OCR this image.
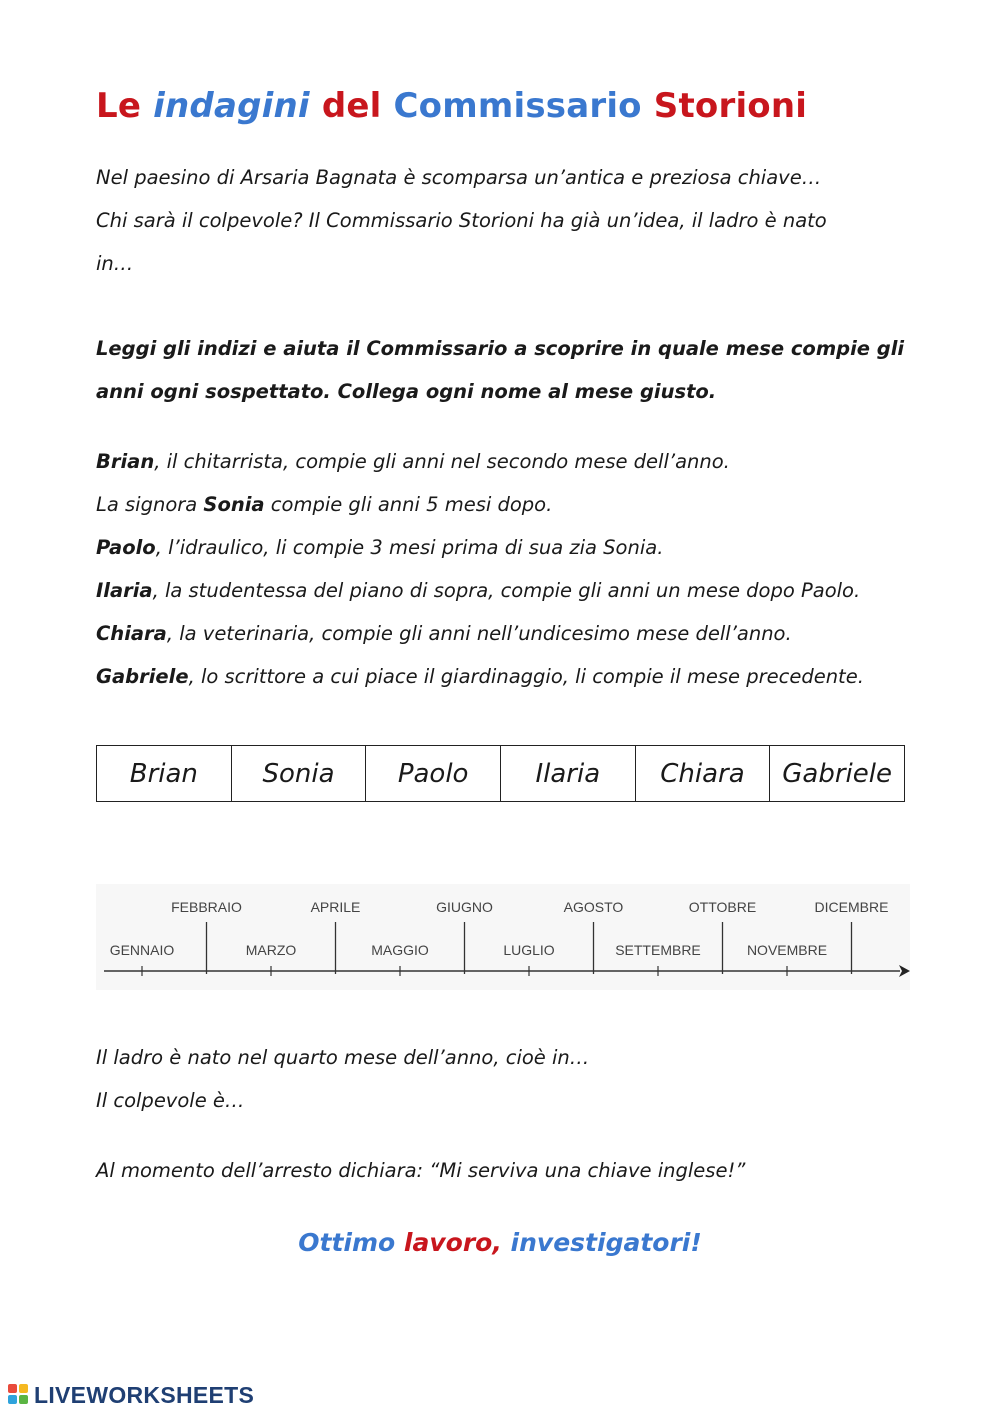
Le indagini del Commissario Storioni

Nel paesino di Arsaria Bagnata è scomparsa un’antica e preziosa chiave…

Chi sarà il colpevole? Il Commissario Storioni ha già un’idea, il ladro è nato

in…

Leggi gli indizi e aiuta il Commissario a scoprire in quale mese compie gli

anni ogni sospettato. Collega ogni nome al mese giusto.

Brian, il chitarrista, compie gli anni nel secondo mese dell’anno.

La signora Sonia compie gli anni 5 mesi dopo.

Paolo, l’idraulico, li compie 3 mesi prima di sua zia Sonia.

Ilaria, la studentessa del piano di sopra, compie gli anni un mese dopo Paolo.

Chiara, la veterinaria, compie gli anni nell’undicesimo mese dell’anno.

Gabriele, lo scrittore a cui piace il giardinaggio, li compie il mese precedente.

Brian	Sonia	Paolo	Ilaria	Chiara	Gabriele
FEBBRAIO	APRILE	GIUGNO	AGOSTO	OTTOBRE	DICEMBRE
GENNAIO	MARZO	MAGGIO	LUGLIO	SETTEMBRE	NOVEMBRE

Il ladro è nato nel quarto mese dell’anno, cioè in…

Il colpevole è…

Al momento dell’arresto dichiara: “Mi serviva una chiave inglese!”
Ottimo lavoro, investigatori!
LIVEWORKSHEETS
